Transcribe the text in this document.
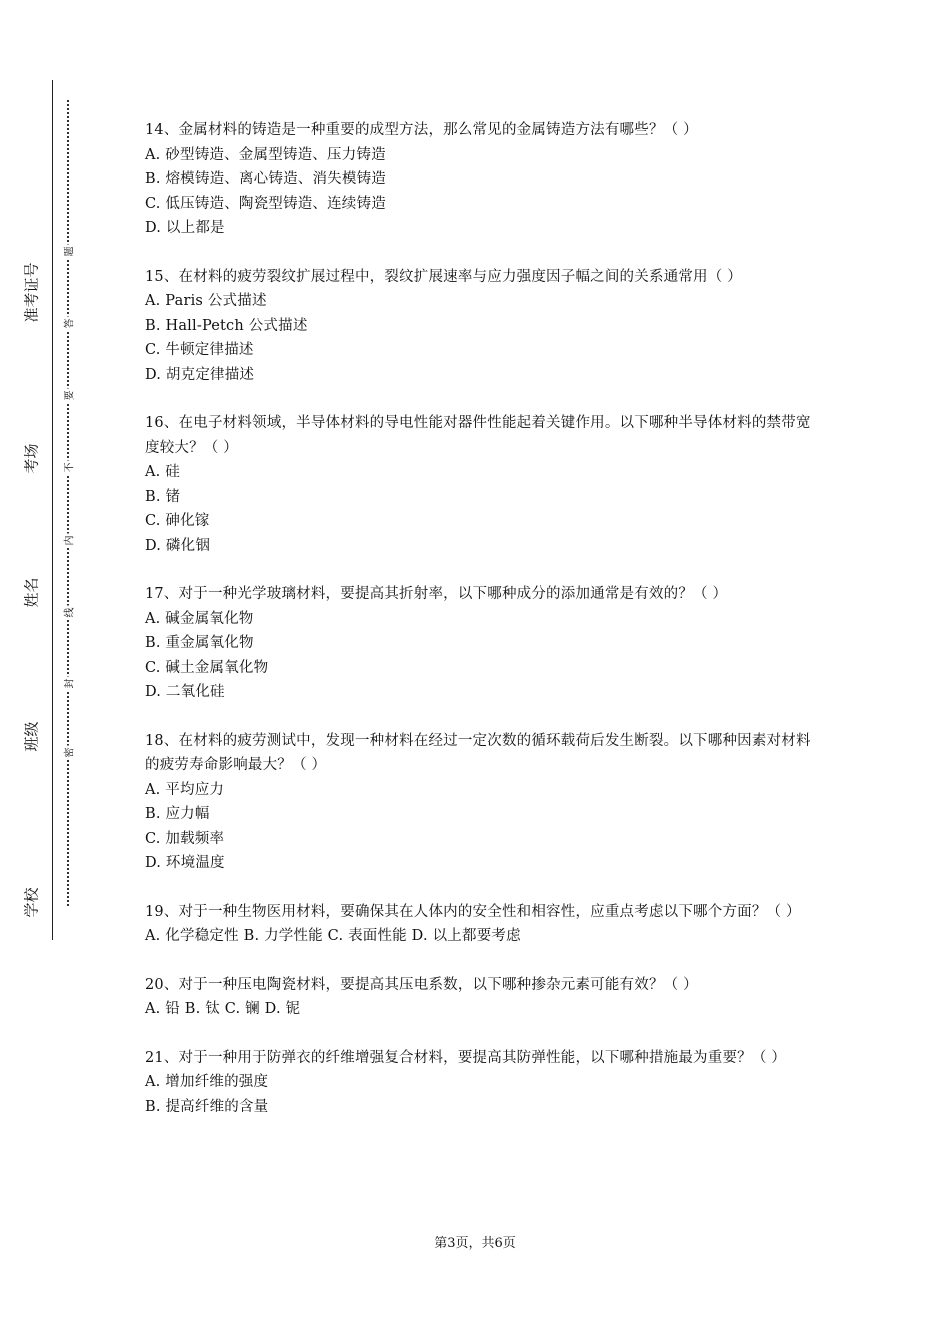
学校
班级
姓名
考场
准考证号
密
封
线
内
不
要
答
题

14、金属材料的铸造是一种重要的成型方法，那么常见的金属铸造方法有哪些？（ ）

A. 砂型铸造、金属型铸造、压力铸造

B. 熔模铸造、离心铸造、消失模铸造

C. 低压铸造、陶瓷型铸造、连续铸造

D. 以上都是

15、在材料的疲劳裂纹扩展过程中，裂纹扩展速率与应力强度因子幅之间的关系通常用（ ）

A. Paris 公式描述

B. Hall-Petch 公式描述

C. 牛顿定律描述

D. 胡克定律描述

16、在电子材料领域，半导体材料的导电性能对器件性能起着关键作用。以下哪种半导体材料的禁带宽度较大？（ ）

A. 硅

B. 锗

C. 砷化镓

D. 磷化铟

17、对于一种光学玻璃材料，要提高其折射率，以下哪种成分的添加通常是有效的？（ ）

A. 碱金属氧化物

B. 重金属氧化物

C. 碱土金属氧化物

D. 二氧化硅

18、在材料的疲劳测试中，发现一种材料在经过一定次数的循环载荷后发生断裂。以下哪种因素对材料的疲劳寿命影响最大？（ ）

A. 平均应力

B. 应力幅

C. 加载频率

D. 环境温度

19、对于一种生物医用材料，要确保其在人体内的安全性和相容性，应重点考虑以下哪个方面？（ ）

A. 化学稳定性 B. 力学性能 C. 表面性能 D. 以上都要考虑

20、对于一种压电陶瓷材料，要提高其压电系数，以下哪种掺杂元素可能有效？（ ）

A. 铅 B. 钛 C. 镧 D. 铌

21、对于一种用于防弹衣的纤维增强复合材料，要提高其防弹性能，以下哪种措施最为重要？（ ）

A. 增加纤维的强度

B. 提高纤维的含量

第3页，共6页
